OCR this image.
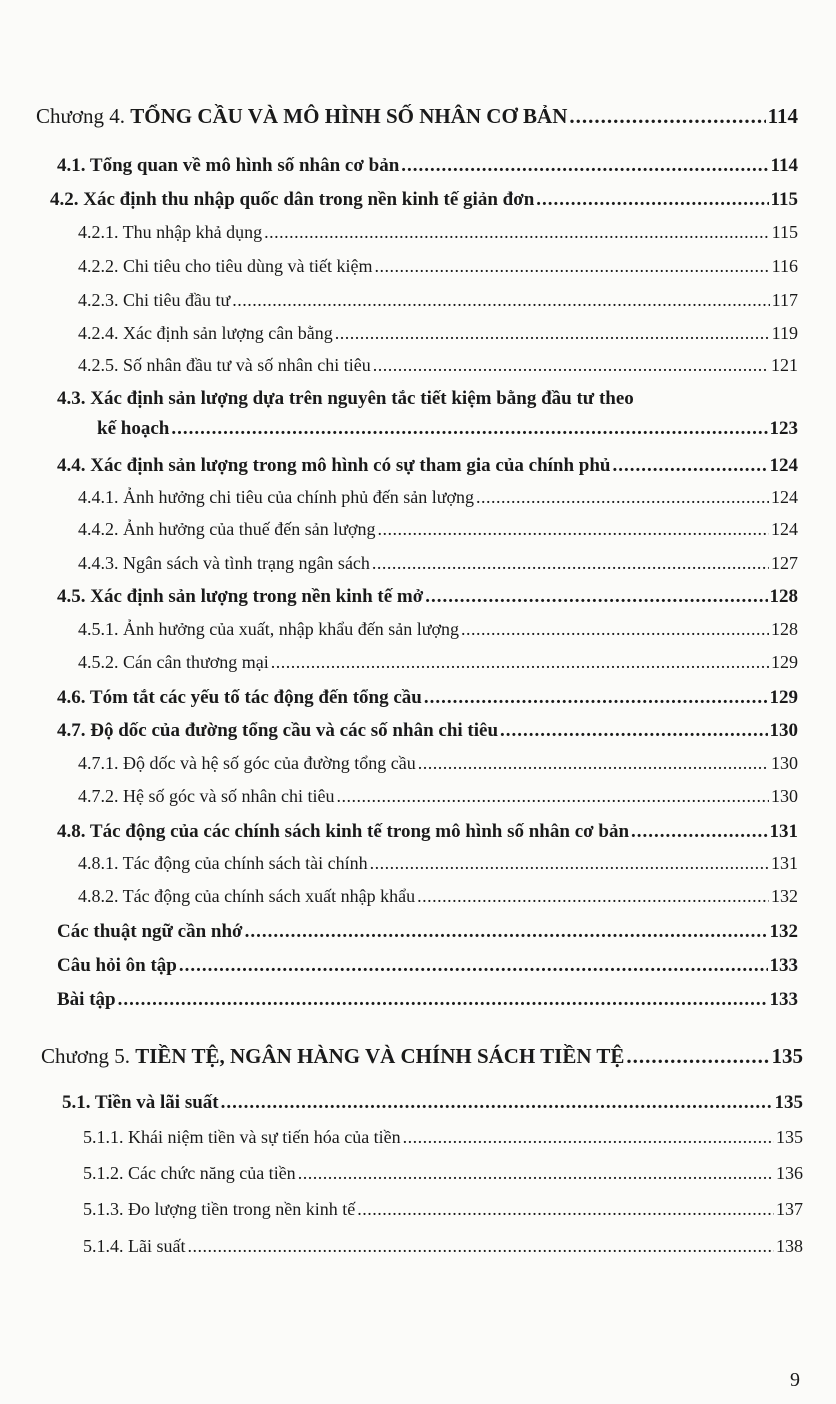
Chương 4. TỔNG CẦU VÀ MÔ HÌNH SỐ NHÂN CƠ BẢN .....	114
4.1. Tổng quan về mô hình số nhân cơ bản .....	114
4.2. Xác định thu nhập quốc dân trong nền kinh tế giản đơn .....	115
4.2.1. Thu nhập khả dụng .....	115
4.2.2. Chi tiêu cho tiêu dùng và tiết kiệm .....	116
4.2.3. Chi tiêu đầu tư .....	117
4.2.4. Xác định sản lượng cân bằng .....	119
4.2.5. Số nhân đầu tư và số nhân chi tiêu .....	121
4.3. Xác định sản lượng dựa trên nguyên tắc tiết kiệm bằng đầu tư theo
kế hoạch .....	123
4.4. Xác định sản lượng trong mô hình có sự tham gia của chính phủ .....	124
4.4.1. Ảnh hưởng chi tiêu của chính phủ đến sản lượng .....	124
4.4.2. Ảnh hưởng của thuế đến sản lượng .....	124
4.4.3. Ngân sách và tình trạng ngân sách .....	127
4.5. Xác định sản lượng trong nền kinh tế mở .....	128
4.5.1. Ảnh hưởng của xuất, nhập khẩu đến sản lượng .....	128
4.5.2. Cán cân thương mại .....	129
4.6. Tóm tắt các yếu tố tác động đến tổng cầu .....	129
4.7. Độ dốc của đường tổng cầu và các số nhân chi tiêu .....	130
4.7.1. Độ dốc và hệ số góc của đường tổng cầu .....	130
4.7.2. Hệ số góc và số nhân chi tiêu .....	130
4.8. Tác động của các chính sách kinh tế trong mô hình số nhân cơ bản .....	131
4.8.1. Tác động của chính sách tài chính .....	131
4.8.2. Tác động của chính sách xuất nhập khẩu .....	132
Các thuật ngữ cần nhớ .....	132
Câu hỏi ôn tập .....	133
Bài tập .....	133
Chương 5. TIỀN TỆ, NGÂN HÀNG VÀ CHÍNH SÁCH TIỀN TỆ .....	135
5.1. Tiền và lãi suất .....	135
5.1.1. Khái niệm tiền và sự tiến hóa của tiền .....	135
5.1.2. Các chức năng của tiền .....	136
5.1.3. Đo lượng tiền trong nền kinh tế .....	137
5.1.4. Lãi suất .....	138
9
